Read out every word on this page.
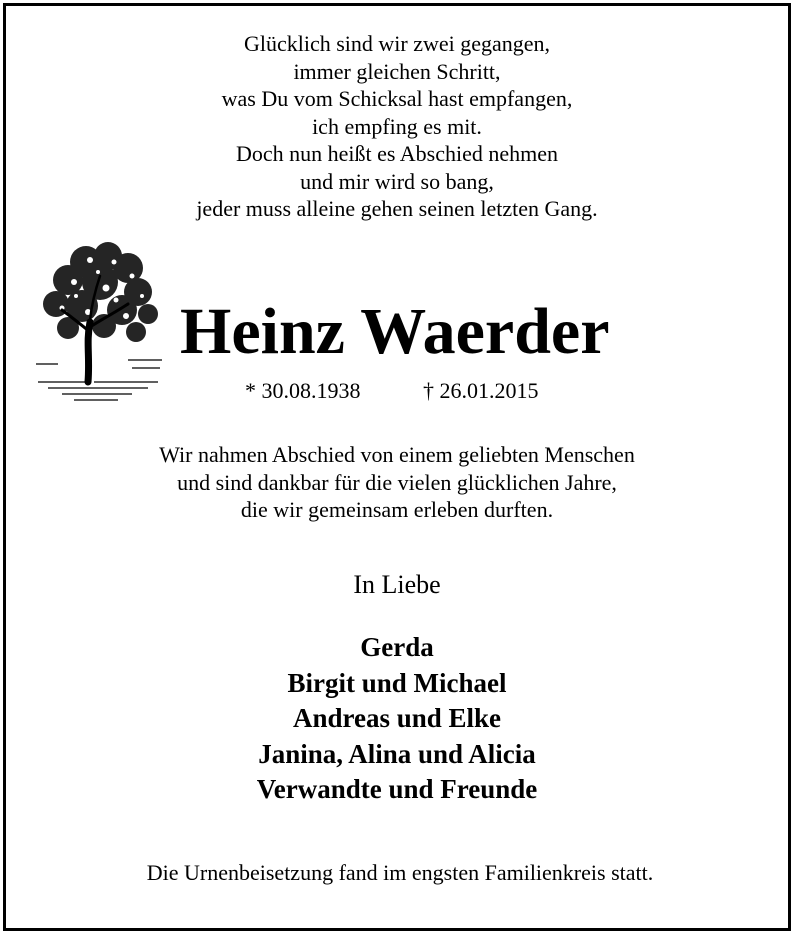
Glücklich sind wir zwei gegangen,
immer gleichen Schritt,
was Du vom Schicksal hast empfangen,
ich empfing es mit.
Doch nun heißt es Abschied nehmen
und mir wird so bang,
jeder muss alleine gehen seinen letzten Gang.
Heinz Waerder
* 30.08.1938	† 26.01.2015
Wir nahmen Abschied von einem geliebten Menschen
und sind dankbar für die vielen glücklichen Jahre,
die wir gemeinsam erleben durften.
In Liebe
Gerda
Birgit und Michael
Andreas und Elke
Janina, Alina und Alicia
Verwandte und Freunde
Die Urnenbeisetzung fand im engsten Familienkreis statt.
